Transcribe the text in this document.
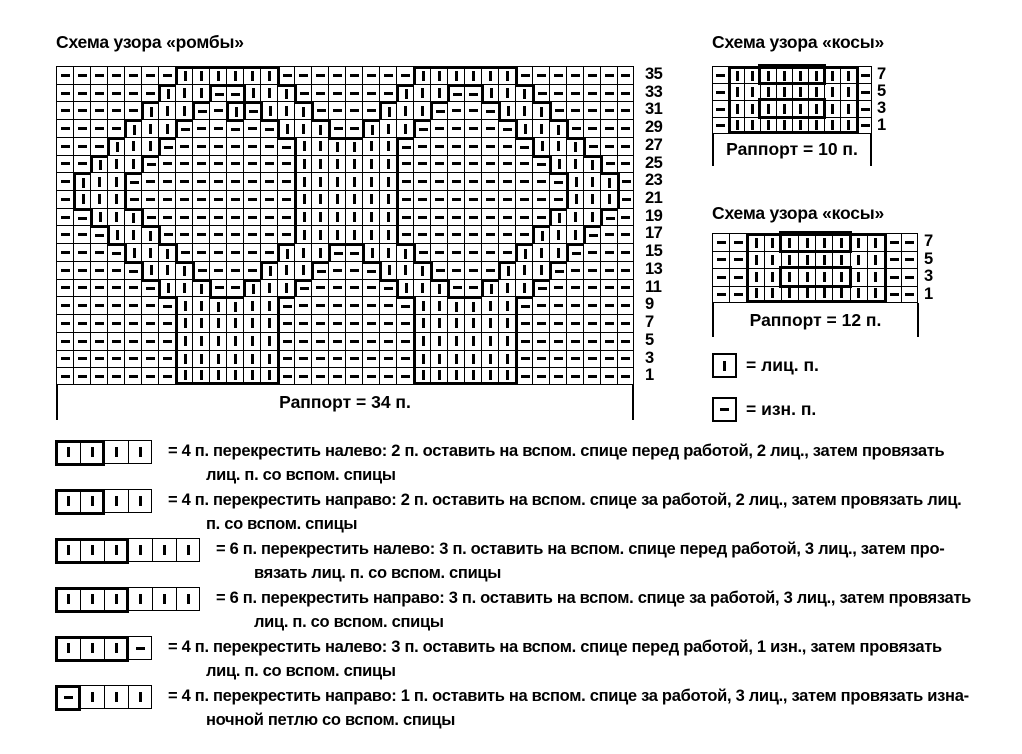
Схема узора «ромбы»
35
33
31
29
27
25
23
21
19
17
15
13
11
9
7
5
3
1
Раппорт = 34 п.
Схема узора «косы»
7
5
3
1
Раппорт = 10 п.
Схема узора «косы»
7
5
3
1
Раппорт = 12 п.
= лиц. п.
= изн. п.
= 4 п. перекрестить налево: 2 п. оставить на вспом. спице перед работой, 2 лиц., затем провязать
лиц. п. со вспом. спицы
= 4 п. перекрестить направо: 2 п. оставить на вспом. спице за работой, 2 лиц., затем провязать лиц.
п. со вспом. спицы
= 6 п. перекрестить налево: 3 п. оставить на вспом. спице перед работой, 3 лиц., затем про-
вязать лиц. п. со вспом. спицы
= 6 п. перекрестить направо: 3 п. оставить на вспом. спице за работой, 3 лиц., затем провязать
лиц. п. со вспом. спицы
= 4 п. перекрестить налево: 3 п. оставить на вспом. спице перед работой, 1 изн., затем провязать
лиц. п. со вспом. спицы
= 4 п. перекрестить направо: 1 п. оставить на вспом. спице за работой, 3 лиц., затем провязать изна-
ночной петлю со вспом. спицы
